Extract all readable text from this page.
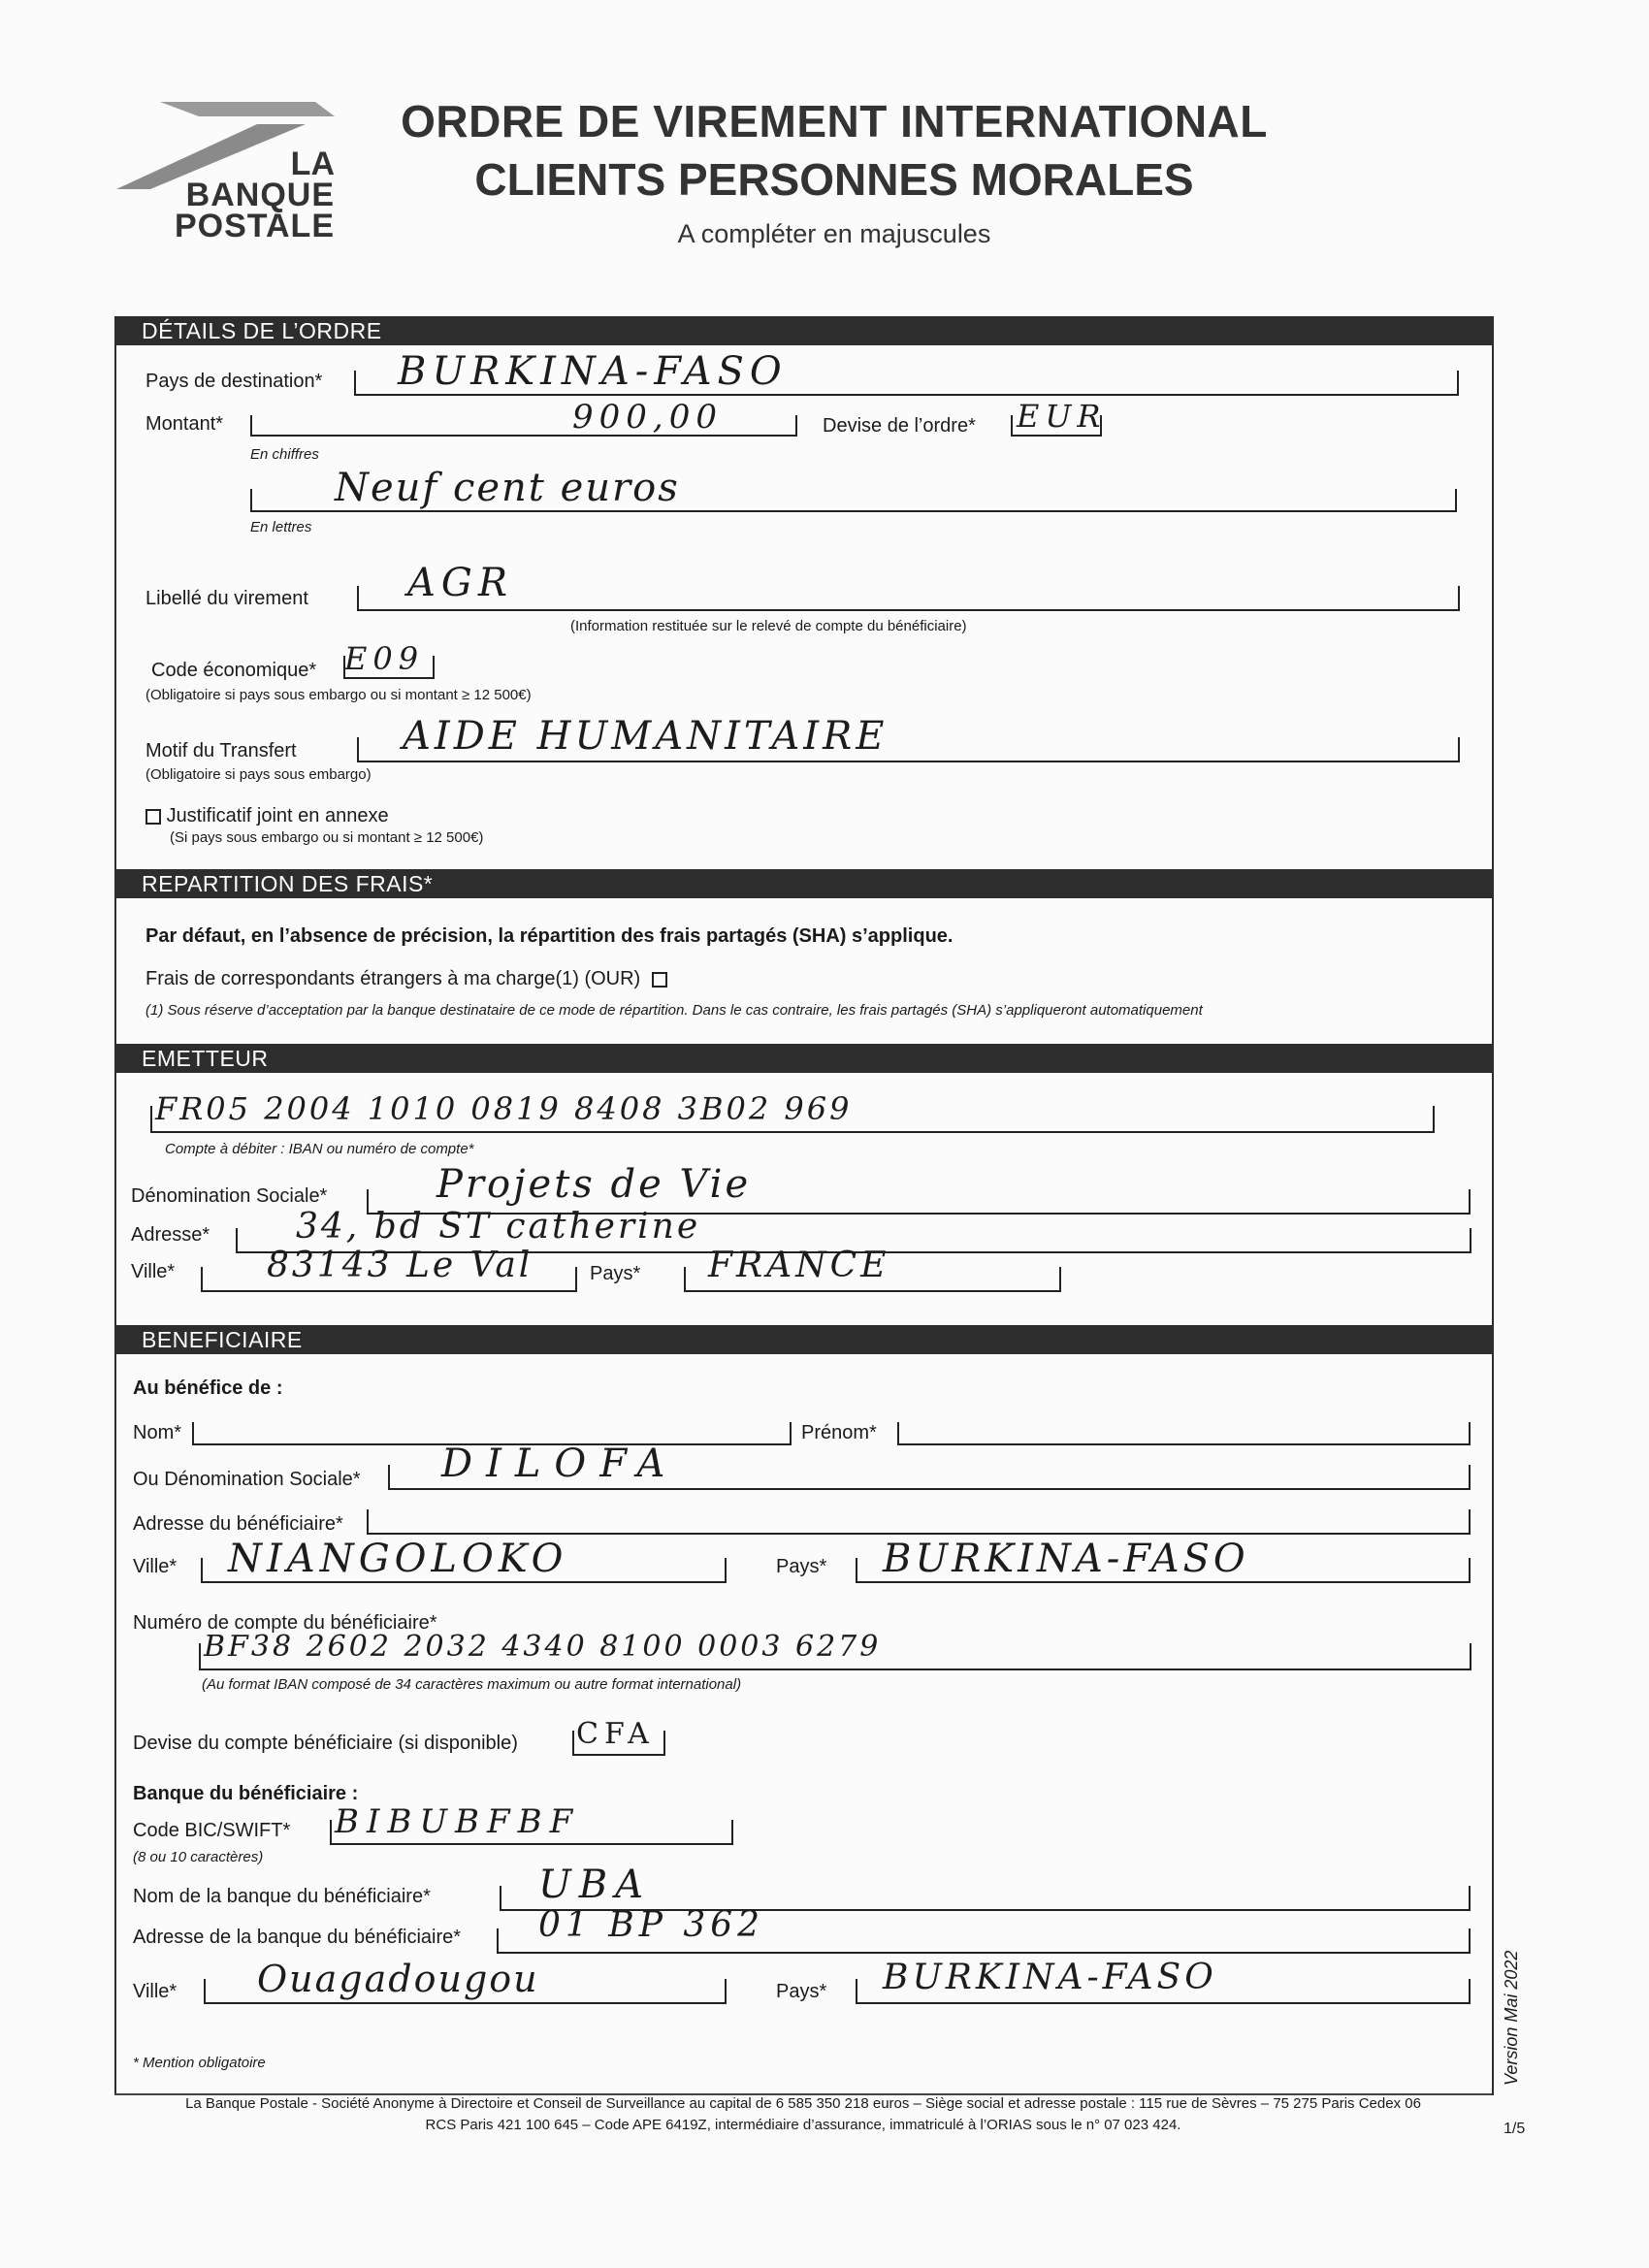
LA
BANQUE
POSTALE
ORDRE DE VIREMENT INTERNATIONAL
CLIENTS PERSONNES MORALES
A compléter en majuscules
DÉTAILS DE L’ORDRE
Pays de destination* BURKINA-FASO
Montant*	900,00
En chiffres
Devise de l’ordre* EUR
Neuf cent euros
En lettres
Libellé du virement	AGR
(Information restituée sur le relevé de compte du bénéficiaire)
Code économique* E09
(Obligatoire si pays sous embargo ou si montant ≥ 12 500€)
Motif du Transfert	AIDE HUMANITAIRE
(Obligatoire si pays sous embargo)
Justificatif joint en annexe
(Si pays sous embargo ou si montant ≥ 12 500€)
REPARTITION DES FRAIS*
Par défaut, en l’absence de précision, la répartition des frais partagés (SHA) s’applique.
Frais de correspondants étrangers à ma charge(1) (OUR)
(1) Sous réserve d’acceptation par la banque destinataire de ce mode de répartition. Dans le cas contraire, les frais partagés (SHA) s’appliqueront automatiquement
EMETTEUR
FR05 2004 1010 0819 8408 3B02 969
Compte à débiter : IBAN ou numéro de compte*
Dénomination Sociale*	Projets de Vie
Adresse* 34, bd ST catherine
Ville*	83143 Le Val	Pays* FRANCE
BENEFICIAIRE
Au bénéfice de :
Nom*	Prénom*
Ou Dénomination Sociale* DILOFA
Adresse du bénéficiaire*
Ville* NIANGOLOKO	Pays* BURKINA-FASO
Numéro de compte du bénéficiaire*
BF38 2602 2032 4340 8100 0003 6279
(Au format IBAN composé de 34 caractères maximum ou autre format international)
Devise du compte bénéficiaire (si disponible) CFA
Banque du bénéficiaire :
Code BIC/SWIFT* BIBUBFBF
(8 ou 10 caractères)
Nom de la banque du bénéficiaire*	UBA
Adresse de la banque du bénéficiaire* 01 BP 362
Ville* Ouagadougou	Pays* BURKINA-FASO
* Mention obligatoire	Version Mai 2022
La Banque Postale - Société Anonyme à Directoire et Conseil de Surveillance au capital de 6 585 350 218 euros – Siège social et adresse postale : 115 rue de Sèvres – 75 275 Paris Cedex 06
RCS Paris 421 100 645 – Code APE 6419Z, intermédiaire d’assurance, immatriculé à l’ORIAS sous le n° 07 023 424.	1/5
